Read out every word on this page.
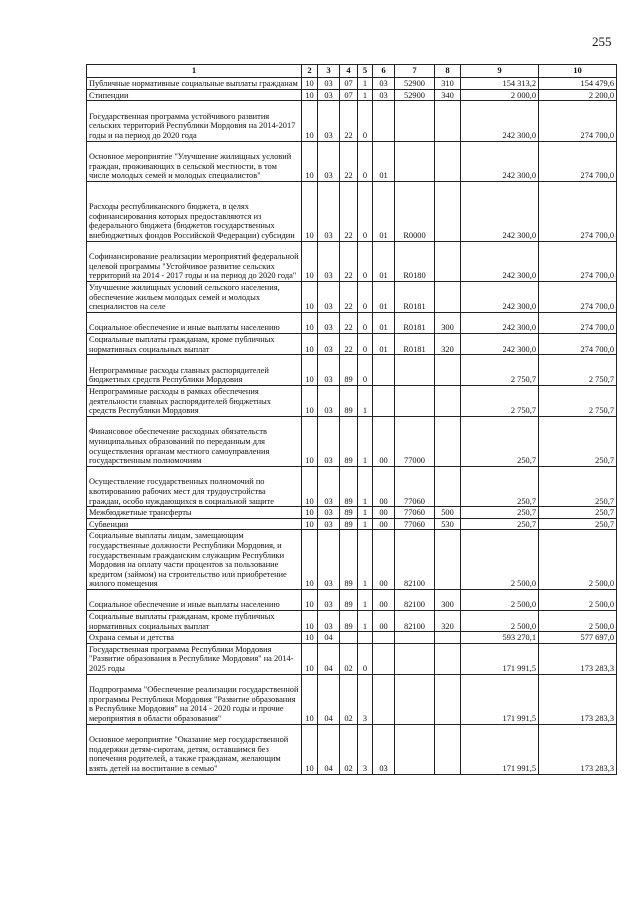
255
1	2	3	4	5	6	7	8	9	10
Публичные нормативные социальные выплаты гражданам	10	03	07	1	03	52900	310	154 313,2	154 479,6
Стипендии	10	03	07	1	03	52900	340	2 000,0	2 200,0
Государственная программа устойчивого развития сельских территорий Республики Мордовия на 2014-2017 годы и на период до 2020 года	10	03	22	0				242 300,0	274 700,0
Основное мероприятие "Улучшение жилищных условий граждан, проживающих в сельской местности, в том числе молодых семей и молодых специалистов"	10	03	22	0	01			242 300,0	274 700,0
Расходы республиканского бюджета, в целях софинансирования которых предоставляются из федерального бюджета (бюджетов государственных внебюджетных фондов Российской Федерации) субсидии	10	03	22	0	01	R0000		242 300,0	274 700,0
Софинансирование реализации мероприятий федеральной целевой программы "Устойчивое развитие сельских территорий на 2014 - 2017 годы и на период до 2020 года"	10	03	22	0	01	R0180		242 300,0	274 700,0
Улучшение жилищных условий сельского населения, обеспечение жильем молодых семей и молодых специалистов на селе	10	03	22	0	01	R0181		242 300,0	274 700,0
Социальное обеспечение и иные выплаты населению	10	03	22	0	01	R0181	300	242 300,0	274 700,0
Социальные выплаты гражданам, кроме публичных нормативных социальных выплат	10	03	22	0	01	R0181	320	242 300,0	274 700,0
Непрограммные расходы главных распорядителей бюджетных средств Республики Мордовия	10	03	89	0				2 750,7	2 750,7
Непрограммные расходы в рамках обеспечения деятельности главных распорядителей бюджетных средств Республики Мордовия	10	03	89	1				2 750,7	2 750,7
Финансовое обеспечение расходных обязательств муниципальных образований по переданным для осуществления органам местного самоуправления государственным полномочиям	10	03	89	1	00	77000		250,7	250,7
Осуществление государственных полномочий по квотированию рабочих мест для трудоустройства граждан, особо нуждающихся в социальной защите	10	03	89	1	00	77060		250,7	250,7
Межбюджетные трансферты	10	03	89	1	00	77060	500	250,7	250,7
Субвенции	10	03	89	1	00	77060	530	250,7	250,7
Социальные выплаты лицам, замещающим государственные должности Республики Мордовия, и государственным гражданским служащим Республики Мордовия на оплату части процентов за пользование кредитом (займом) на строительство или приобретение жилого помещения	10	03	89	1	00	82100		2 500,0	2 500,0
Социальное обеспечение и иные выплаты населению	10	03	89	1	00	82100	300	2 500,0	2 500,0
Социальные выплаты гражданам, кроме публичных нормативных социальных выплат	10	03	89	1	00	82100	320	2 500,0	2 500,0
Охрана семьи и детства	10	04						593 270,1	577 697,0
Государственная программа Республики Мордовия "Развитие образования в Республике Мордовия" на 2014-2025 годы	10	04	02	0				171 991,5	173 283,3
Подпрограмма "Обеспечение реализации государственной программы Республики Мордовия "Развитие образования в Республике Мордовия" на 2014 - 2020 годы и прочие мероприятия в области образования"	10	04	02	3				171 991,5	173 283,3
Основное мероприятие "Оказание мер государственной поддержки детям-сиротам, детям, оставшимся без попечения родителей, а также гражданам, желающим взять детей на воспитание в семью"	10	04	02	3	03			171 991,5	173 283,3
